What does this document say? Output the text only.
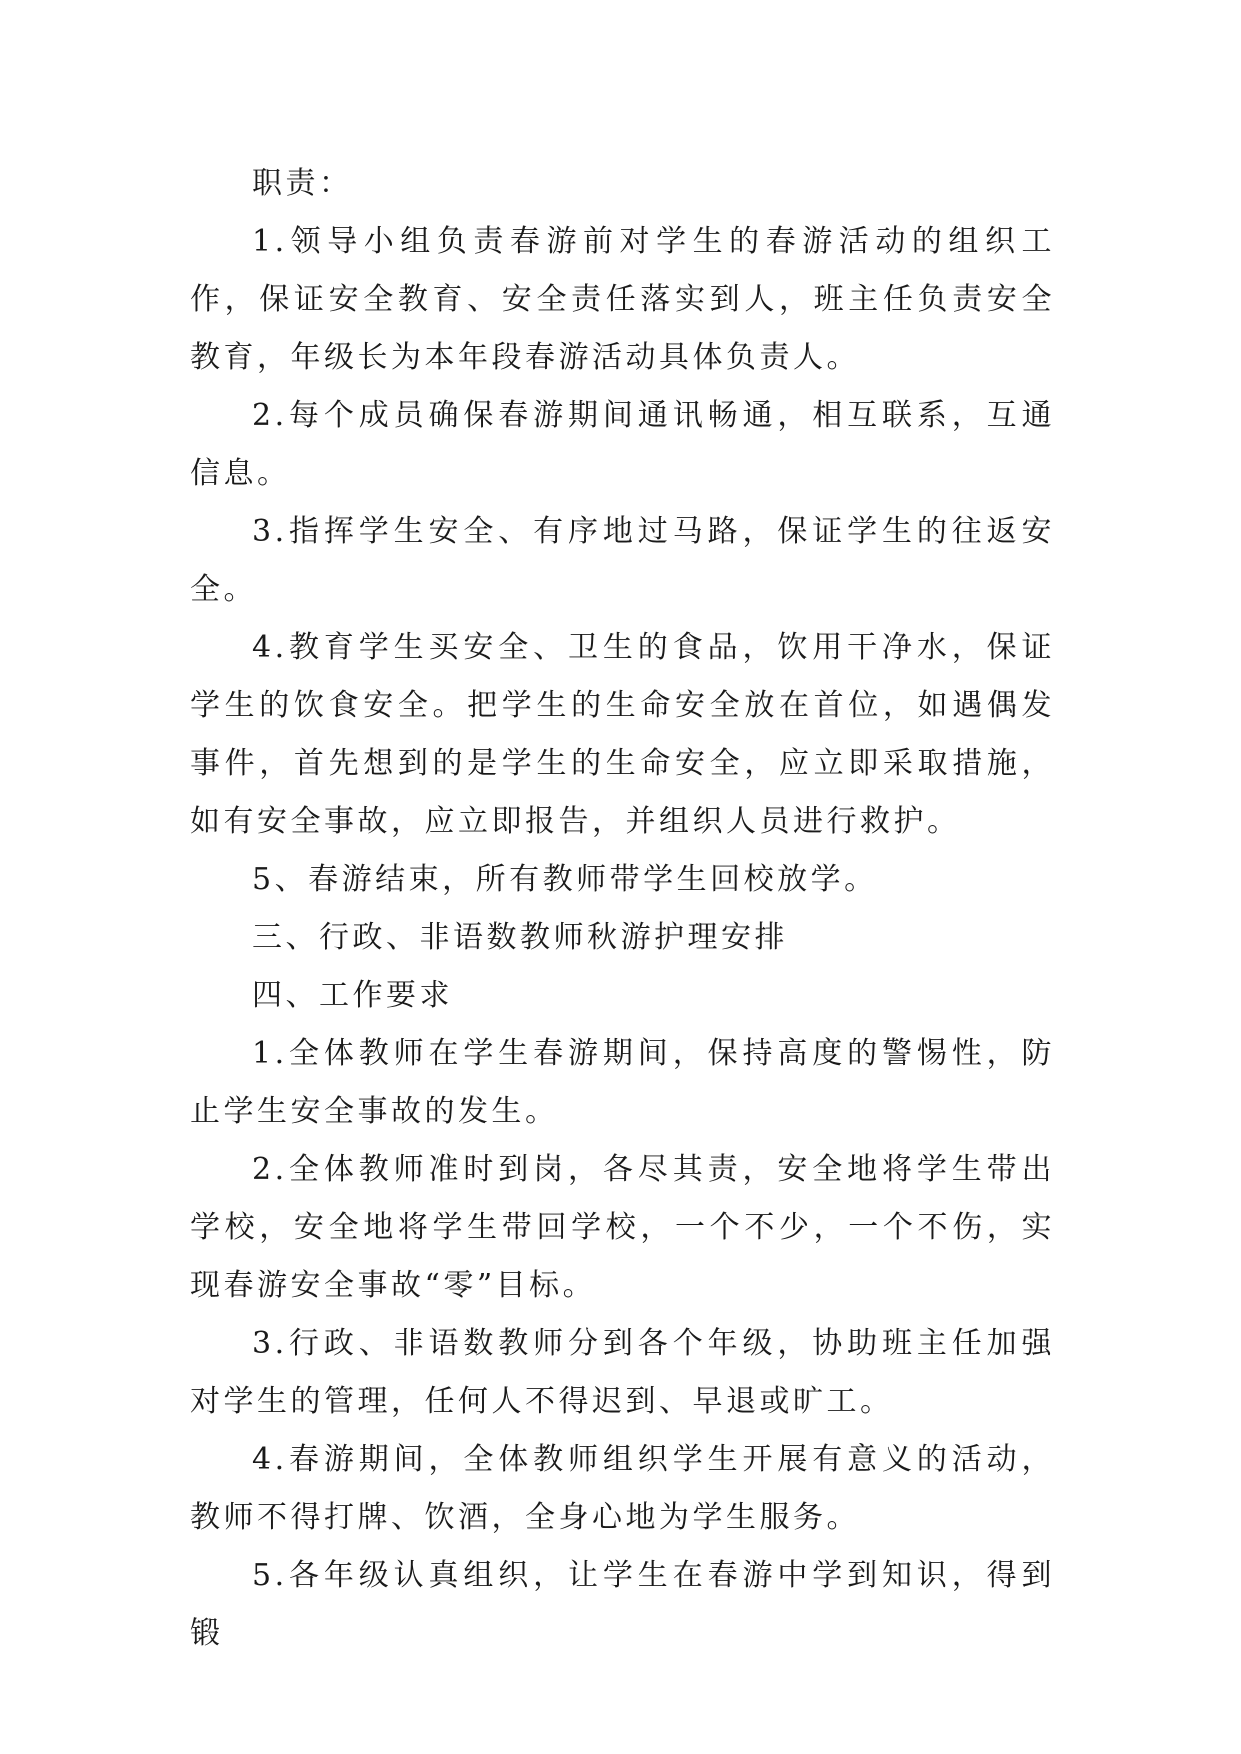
职责：

1.领导小组负责春游前对学生的春游活动的组织工作，保证安全教育、安全责任落实到人，班主任负责安全教育，年级长为本年段春游活动具体负责人。

2.每个成员确保春游期间通讯畅通，相互联系，互通信息。

3.指挥学生安全、有序地过马路，保证学生的往返安全。

4.教育学生买安全、卫生的食品，饮用干净水，保证学生的饮食安全。把学生的生命安全放在首位，如遇偶发事件，首先想到的是学生的生命安全，应立即采取措施，如有安全事故，应立即报告，并组织人员进行救护。

5、春游结束，所有教师带学生回校放学。

三、行政、非语数教师秋游护理安排

四、工作要求

1.全体教师在学生春游期间，保持高度的警惕性，防止学生安全事故的发生。

2.全体教师准时到岗，各尽其责，安全地将学生带出学校，安全地将学生带回学校，一个不少，一个不伤，实现春游安全事故“零”目标。

3.行政、非语数教师分到各个年级，协助班主任加强对学生的管理，任何人不得迟到、早退或旷工。

4.春游期间，全体教师组织学生开展有意义的活动，教师不得打牌、饮酒，全身心地为学生服务。

5.各年级认真组织，让学生在春游中学到知识，得到锻
